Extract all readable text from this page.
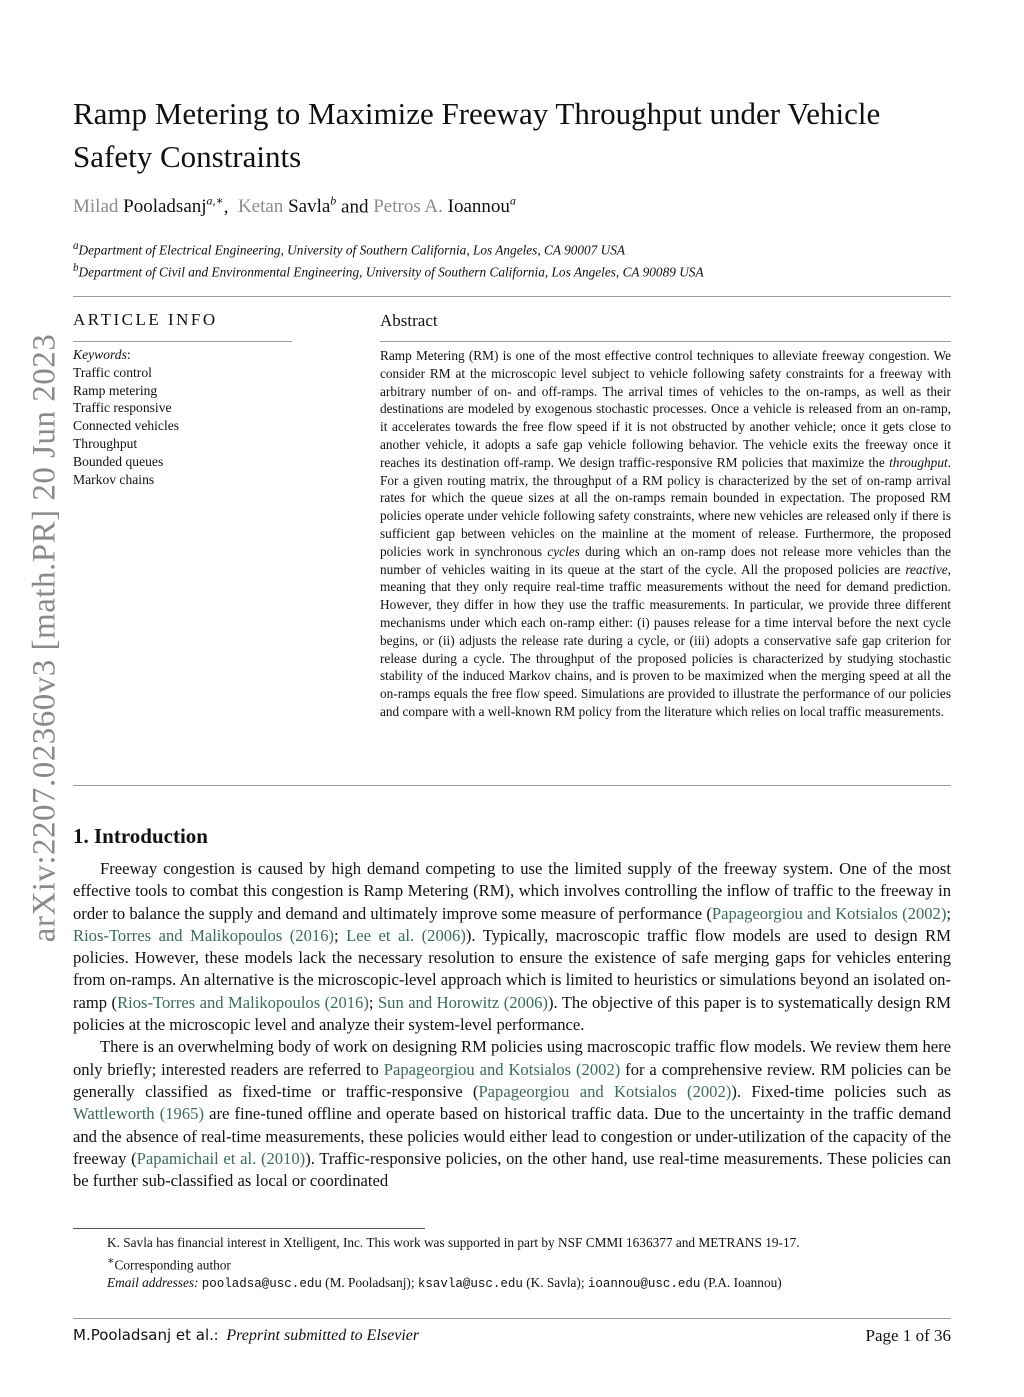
arXiv:2207.02360v3 [math.PR] 20 Jun 2023
Ramp Metering to Maximize Freeway Throughput under Vehicle Safety Constraints
Milad Pooladsanj$^{a,∗}$, Ketan Savla$^b$ and Petros A. Ioannou$^a$
$^a$Department of Electrical Engineering, University of Southern California, Los Angeles, CA 90007 USA
$^b$Department of Civil and Environmental Engineering, University of Southern California, Los Angeles, CA 90089 USA
ARTICLE INFO
Keywords:
Traffic control
Ramp metering
Traffic responsive
Connected vehicles
Throughput
Bounded queues
Markov chains
Abstract
Ramp Metering (RM) is one of the most effective control techniques to alleviate freeway congestion. We consider RM at the microscopic level subject to vehicle following safety constraints for a freeway with arbitrary number of on- and off-ramps. The arrival times of vehicles to the on-ramps, as well as their destinations are modeled by exogenous stochastic processes. Once a vehicle is released from an on-ramp, it accelerates towards the free flow speed if it is not obstructed by another vehicle; once it gets close to another vehicle, it adopts a safe gap vehicle following behavior. The vehicle exits the freeway once it reaches its destination off-ramp. We design traffic-responsive RM policies that maximize the throughput. For a given routing matrix, the throughput of a RM policy is characterized by the set of on-ramp arrival rates for which the queue sizes at all the on-ramps remain bounded in expectation. The proposed RM policies operate under vehicle following safety constraints, where new vehicles are released only if there is sufficient gap between vehicles on the mainline at the moment of release. Furthermore, the proposed policies work in synchronous cycles during which an on-ramp does not release more vehicles than the number of vehicles waiting in its queue at the start of the cycle. All the proposed policies are reactive, meaning that they only require real-time traffic measurements without the need for demand prediction. However, they differ in how they use the traffic measurements. In particular, we provide three different mechanisms under which each on-ramp either: (i) pauses release for a time interval before the next cycle begins, or (ii) adjusts the release rate during a cycle, or (iii) adopts a conservative safe gap criterion for release during a cycle. The throughput of the proposed policies is characterized by studying stochastic stability of the induced Markov chains, and is proven to be maximized when the merging speed at all the on-ramps equals the free flow speed. Simulations are provided to illustrate the performance of our policies and compare with a well-known RM policy from the literature which relies on local traffic measurements.
1. Introduction

Freeway congestion is caused by high demand competing to use the limited supply of the freeway system. One of the most effective tools to combat this congestion is Ramp Metering (RM), which involves controlling the inflow of traffic to the freeway in order to balance the supply and demand and ultimately improve some measure of performance (Papageorgiou and Kotsialos (2002); Rios-Torres and Malikopoulos (2016); Lee et al. (2006)). Typically, macroscopic traffic flow models are used to design RM policies. However, these models lack the necessary resolution to ensure the existence of safe merging gaps for vehicles entering from on-ramps. An alternative is the microscopic-level approach which is limited to heuristics or simulations beyond an isolated on-ramp (Rios-Torres and Malikopoulos (2016); Sun and Horowitz (2006)). The objective of this paper is to systematically design RM policies at the microscopic level and analyze their system-level performance.

There is an overwhelming body of work on designing RM policies using macroscopic traffic flow models. We review them here only briefly; interested readers are referred to Papageorgiou and Kotsialos (2002) for a comprehensive review. RM policies can be generally classified as fixed-time or traffic-responsive (Papageorgiou and Kotsialos (2002)). Fixed-time policies such as Wattleworth (1965) are fine-tuned offline and operate based on historical traffic data. Due to the uncertainty in the traffic demand and the absence of real-time measurements, these policies would either lead to congestion or under-utilization of the capacity of the freeway (Papamichail et al. (2010)). Traffic-responsive policies, on the other hand, use real-time measurements. These policies can be further sub-classified as local or coordinated

K. Savla has financial interest in Xtelligent, Inc. This work was supported in part by NSF CMMI 1636377 and METRANS 19-17.
∗Corresponding author
Email addresses: pooladsa@usc.edu (M. Pooladsanj); ksavla@usc.edu (K. Savla); ioannou@usc.edu (P.A. Ioannou)
M.Pooladsanj et al.: Preprint submitted to Elsevier	Page 1 of 36
